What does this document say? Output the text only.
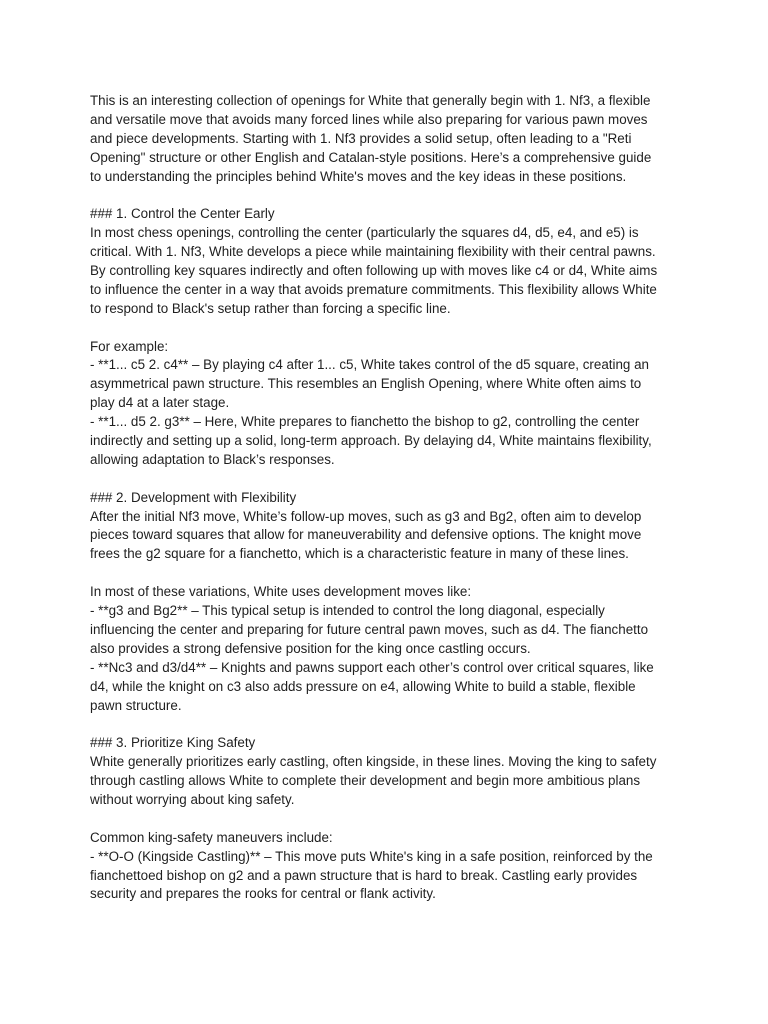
This is an interesting collection of openings for White that generally begin with 1. Nf3, a flexible
and versatile move that avoids many forced lines while also preparing for various pawn moves
and piece developments. Starting with 1. Nf3 provides a solid setup, often leading to a "Reti
Opening" structure or other English and Catalan-style positions. Here’s a comprehensive guide
to understanding the principles behind White's moves and the key ideas in these positions.
### 1. Control the Center Early
In most chess openings, controlling the center (particularly the squares d4, d5, e4, and e5) is
critical. With 1. Nf3, White develops a piece while maintaining flexibility with their central pawns.
By controlling key squares indirectly and often following up with moves like c4 or d4, White aims
to influence the center in a way that avoids premature commitments. This flexibility allows White
to respond to Black's setup rather than forcing a specific line.
For example:
- **1... c5 2. c4** – By playing c4 after 1... c5, White takes control of the d5 square, creating an
asymmetrical pawn structure. This resembles an English Opening, where White often aims to
play d4 at a later stage.
- **1... d5 2. g3** – Here, White prepares to fianchetto the bishop to g2, controlling the center
indirectly and setting up a solid, long-term approach. By delaying d4, White maintains flexibility,
allowing adaptation to Black’s responses.
### 2. Development with Flexibility
After the initial Nf3 move, White’s follow-up moves, such as g3 and Bg2, often aim to develop
pieces toward squares that allow for maneuverability and defensive options. The knight move
frees the g2 square for a fianchetto, which is a characteristic feature in many of these lines.
In most of these variations, White uses development moves like:
- **g3 and Bg2** – This typical setup is intended to control the long diagonal, especially
influencing the center and preparing for future central pawn moves, such as d4. The fianchetto
also provides a strong defensive position for the king once castling occurs.
- **Nc3 and d3/d4** – Knights and pawns support each other’s control over critical squares, like
d4, while the knight on c3 also adds pressure on e4, allowing White to build a stable, flexible
pawn structure.
### 3. Prioritize King Safety
White generally prioritizes early castling, often kingside, in these lines. Moving the king to safety
through castling allows White to complete their development and begin more ambitious plans
without worrying about king safety.
Common king-safety maneuvers include:
- **O-O (Kingside Castling)** – This move puts White's king in a safe position, reinforced by the
fianchettoed bishop on g2 and a pawn structure that is hard to break. Castling early provides
security and prepares the rooks for central or flank activity.
